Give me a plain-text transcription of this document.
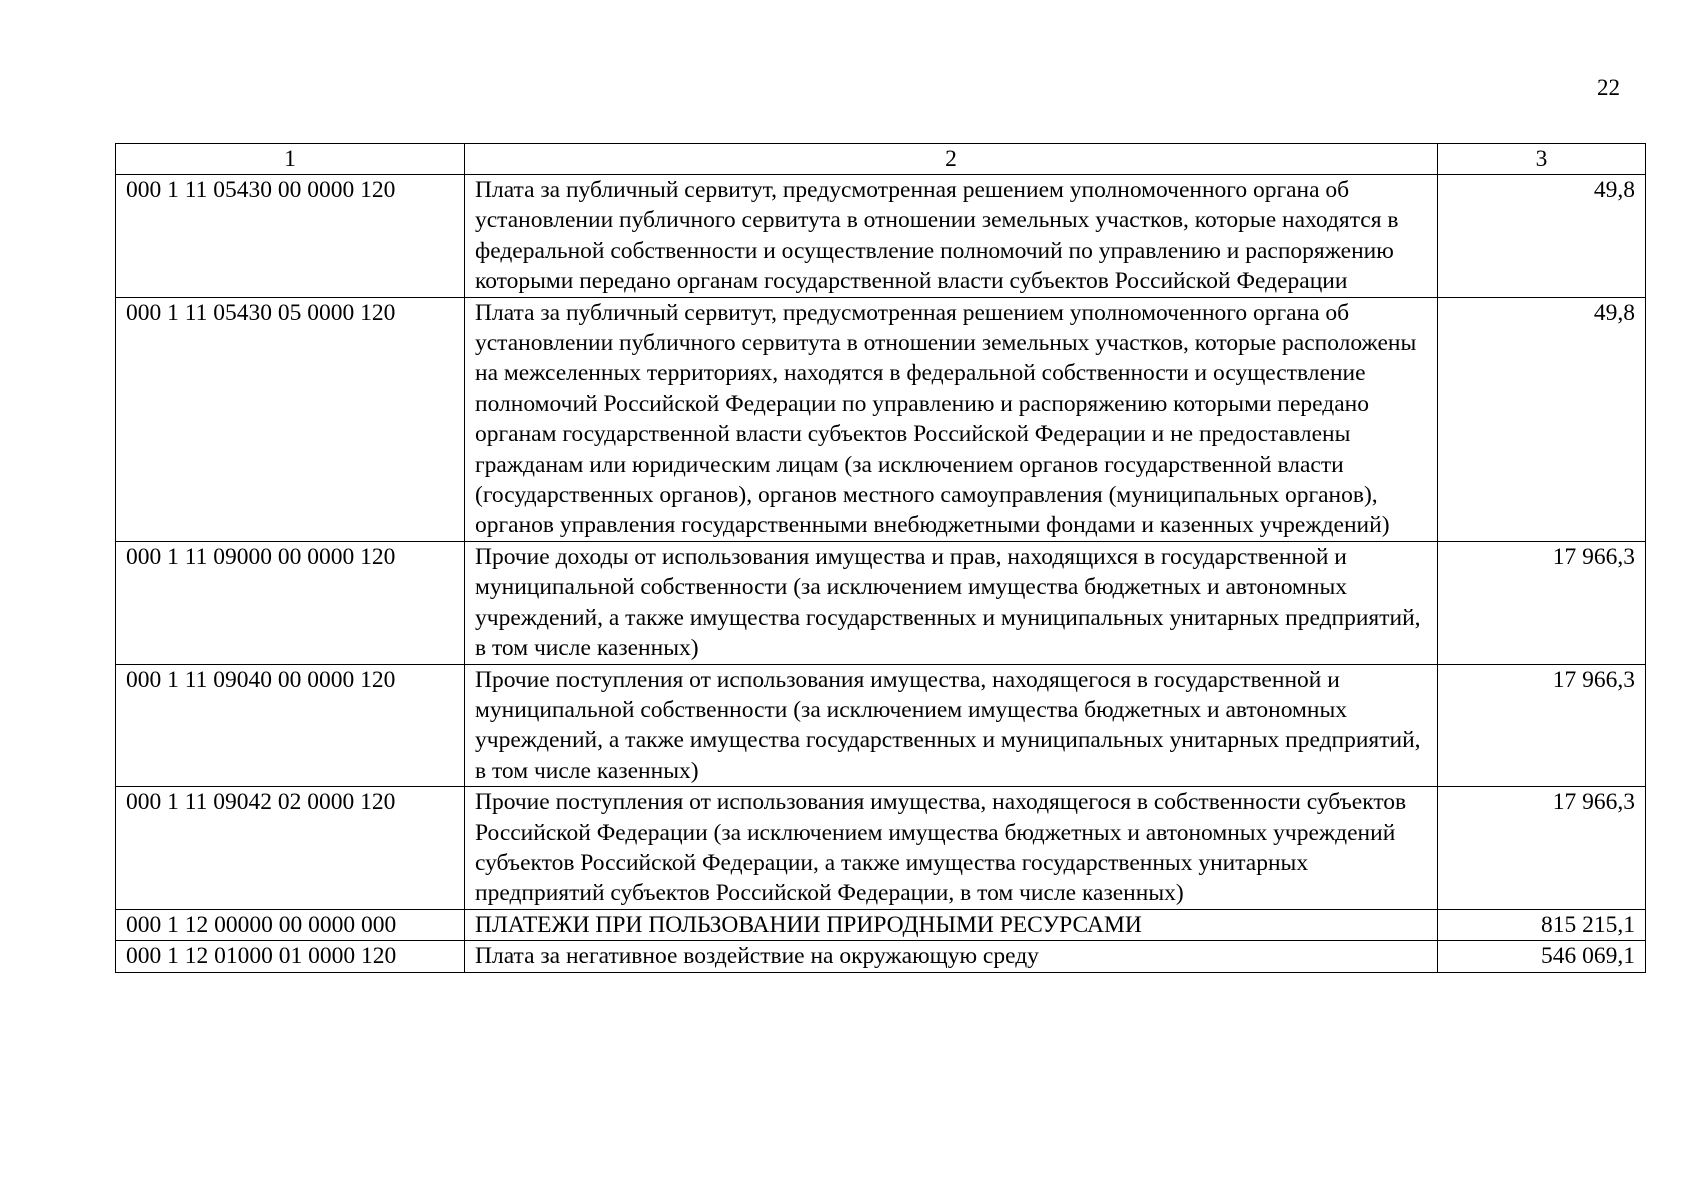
22
1	2	3
000 1 11 05430 00 0000 120	Плата за публичный сервитут, предусмотренная решением уполномоченного органа об установлении публичного сервитута в отношении земельных участков, которые находятся в федеральной собственности и осуществление полномочий по управлению и распоряжению которыми передано органам государственной власти субъектов Российской Федерации	49,8
000 1 11 05430 05 0000 120	Плата за публичный сервитут, предусмотренная решением уполномоченного органа об установлении публичного сервитута в отношении земельных участков, которые расположены на межселенных территориях, находятся в федеральной собственности и осуществление полномочий Российской Федерации по управлению и распоряжению которыми передано органам государственной власти субъектов Российской Федерации и не предоставлены гражданам или юридическим лицам (за исключением органов государственной власти (государственных органов), органов местного самоуправления (муниципальных органов), органов управления государственными внебюджетными фондами и казенных учреждений)	49,8
000 1 11 09000 00 0000 120	Прочие доходы от использования имущества и прав, находящихся в государственной и муниципальной собственности (за исключением имущества бюджетных и автономных учреждений, а также имущества государственных и муниципальных унитарных предприятий, в том числе казенных)	17 966,3
000 1 11 09040 00 0000 120	Прочие поступления от использования имущества, находящегося в государственной и муниципальной собственности (за исключением имущества бюджетных и автономных учреждений, а также имущества государственных и муниципальных унитарных предприятий, в том числе казенных)	17 966,3
000 1 11 09042 02 0000 120	Прочие поступления от использования имущества, находящегося в собственности субъектов Российской Федерации (за исключением имущества бюджетных и автономных учреждений субъектов Российской Федерации, а также имущества государственных унитарных предприятий субъектов Российской Федерации, в том числе казенных)	17 966,3
000 1 12 00000 00 0000 000	ПЛАТЕЖИ ПРИ ПОЛЬЗОВАНИИ ПРИРОДНЫМИ РЕСУРСАМИ	815 215,1
000 1 12 01000 01 0000 120	Плата за негативное воздействие на окружающую среду	546 069,1
